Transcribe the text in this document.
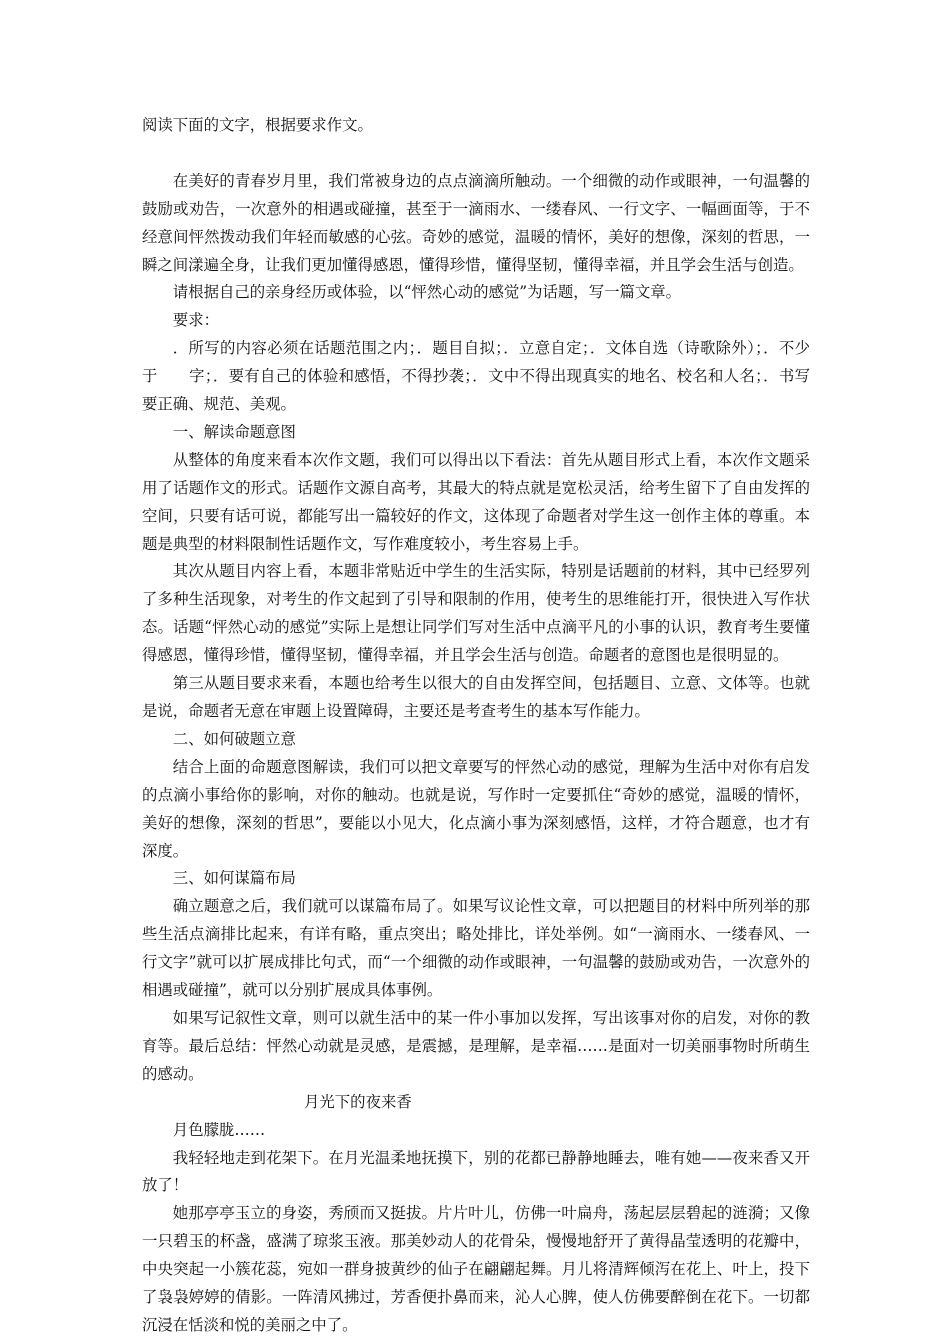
阅读下面的文字，根据要求作文。

在美好的青春岁月里，我们常被身边的点点滴滴所触动。一个细微的动作或眼神，一句温馨的鼓励或劝告，一次意外的相遇或碰撞，甚至于一滴雨水、一缕春风、一行文字、一幅画面等，于不经意间怦然拨动我们年轻而敏感的心弦。奇妙的感觉，温暖的情怀，美好的想像，深刻的哲思，一瞬之间漾遍全身，让我们更加懂得感恩，懂得珍惜，懂得坚韧，懂得幸福，并且学会生活与创造。

请根据自己的亲身经历或体验，以“怦然心动的感觉”为话题，写一篇文章。

要求：

．所写的内容必须在话题范围之内；．题目自拟；．立意自定；．文体自选（诗歌除外）；．不少于　　字；．要有自己的体验和感悟，不得抄袭；．文中不得出现真实的地名、校名和人名；．书写要正确、规范、美观。

一、解读命题意图

从整体的角度来看本次作文题，我们可以得出以下看法：首先从题目形式上看，本次作文题采用了话题作文的形式。话题作文源自高考，其最大的特点就是宽松灵活，给考生留下了自由发挥的空间，只要有话可说，都能写出一篇较好的作文，这体现了命题者对学生这一创作主体的尊重。本题是典型的材料限制性话题作文，写作难度较小，考生容易上手。

其次从题目内容上看，本题非常贴近中学生的生活实际，特别是话题前的材料，其中已经罗列了多种生活现象，对考生的作文起到了引导和限制的作用，使考生的思维能打开，很快进入写作状态。话题“怦然心动的感觉”实际上是想让同学们写对生活中点滴平凡的小事的认识，教育考生要懂得感恩，懂得珍惜，懂得坚韧，懂得幸福，并且学会生活与创造。命题者的意图也是很明显的。

第三从题目要求来看，本题也给考生以很大的自由发挥空间，包括题目、立意、文体等。也就是说，命题者无意在审题上设置障碍，主要还是考查考生的基本写作能力。

二、如何破题立意

结合上面的命题意图解读，我们可以把文章要写的怦然心动的感觉，理解为生活中对你有启发的点滴小事给你的影响，对你的触动。也就是说，写作时一定要抓住“奇妙的感觉，温暖的情怀，美好的想像，深刻的哲思”，要能以小见大，化点滴小事为深刻感悟，这样，才符合题意，也才有深度。

三、如何谋篇布局

确立题意之后，我们就可以谋篇布局了。如果写议论性文章，可以把题目的材料中所列举的那些生活点滴排比起来，有详有略，重点突出；略处排比，详处举例。如“一滴雨水、一缕春风、一行文字”就可以扩展成排比句式，而“一个细微的动作或眼神，一句温馨的鼓励或劝告，一次意外的相遇或碰撞”，就可以分别扩展成具体事例。

如果写记叙性文章，则可以就生活中的某一件小事加以发挥，写出该事对你的启发，对你的教育等。最后总结：怦然心动就是灵感，是震撼，是理解，是幸福……是面对一切美丽事物时所萌生的感动。

月光下的夜来香

月色朦胧……

我轻轻地走到花架下。在月光温柔地抚摸下，别的花都已静静地睡去，唯有她——夜来香又开放了！

她那亭亭玉立的身姿，秀颀而又挺拔。片片叶儿，仿佛一叶扁舟，荡起层层碧起的涟漪；又像一只碧玉的杯盏，盛满了琼浆玉液。那美妙动人的花骨朵，慢慢地舒开了黄得晶莹透明的花瓣中，中央突起一小簇花蕊，宛如一群身披黄纱的仙子在翩翩起舞。月儿将清辉倾泻在花上、叶上，投下了袅袅婷婷的倩影。一阵清风拂过，芳香便扑鼻而来，沁人心脾，使人仿佛要醉倒在花下。一切都沉浸在恬淡和悦的美丽之中了。
